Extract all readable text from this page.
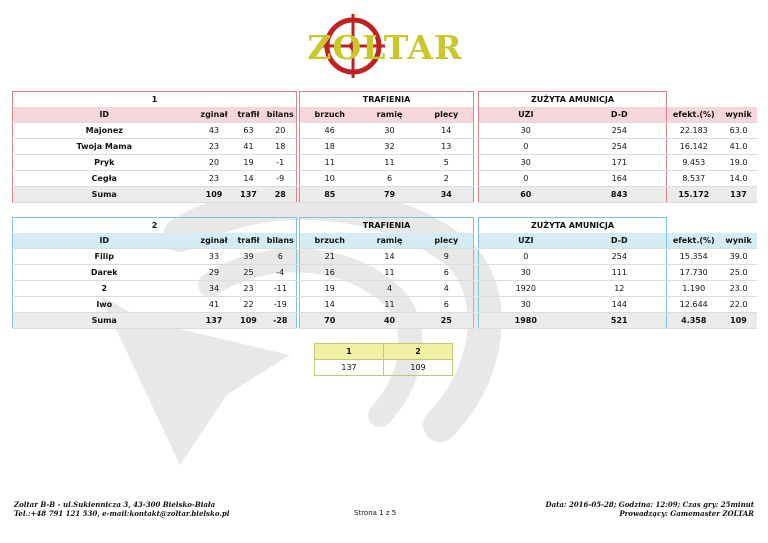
ZOLTAR
1					TRAFIENIA				ZUŻYTA AMUNICJA			
ID	zginał	trafił	bilans		brzuch	ramię	plecy		UZI	D-D	efekt.(%)	wynik
Majonez	43	63	20		46	30	14		30	254	22.183	63.0
Twoja Mama	23	41	18		18	32	13		0	254	16.142	41.0
Pryk	20	19	-1		11	11	5		30	171	9.453	19.0
Cegła	23	14	-9		10	6	2		0	164	8.537	14.0
Suma	109	137	28		85	79	34		60	843	15.172	137
2					TRAFIENIA				ZUŻYTA AMUNICJA			
ID	zginał	trafił	bilans		brzuch	ramię	plecy		UZI	D-D	efekt.(%)	wynik
Filip	33	39	6		21	14	9		0	254	15.354	39.0
Darek	29	25	-4		16	11	6		30	111	17.730	25.0
2	34	23	-11		19	4	4		1920	12	1.190	23.0
Iwo	41	22	-19		14	11	6		30	144	12.644	22.0
Suma	137	109	-28		70	40	25		1980	521	4.358	109
1	2
137	109
Zoltar B-B - ul.Sukiennicza 3, 43-300 Bielsko-Biała
Tel.:+48 791 121 530, e-mail:kontakt@zoltar.bielsko.pl	Strona 1 z 5
Data: 2016-05-28; Godzina: 12:09; Czas gry: 25minut
Prowadzący: Gamemaster ZOLTAR
